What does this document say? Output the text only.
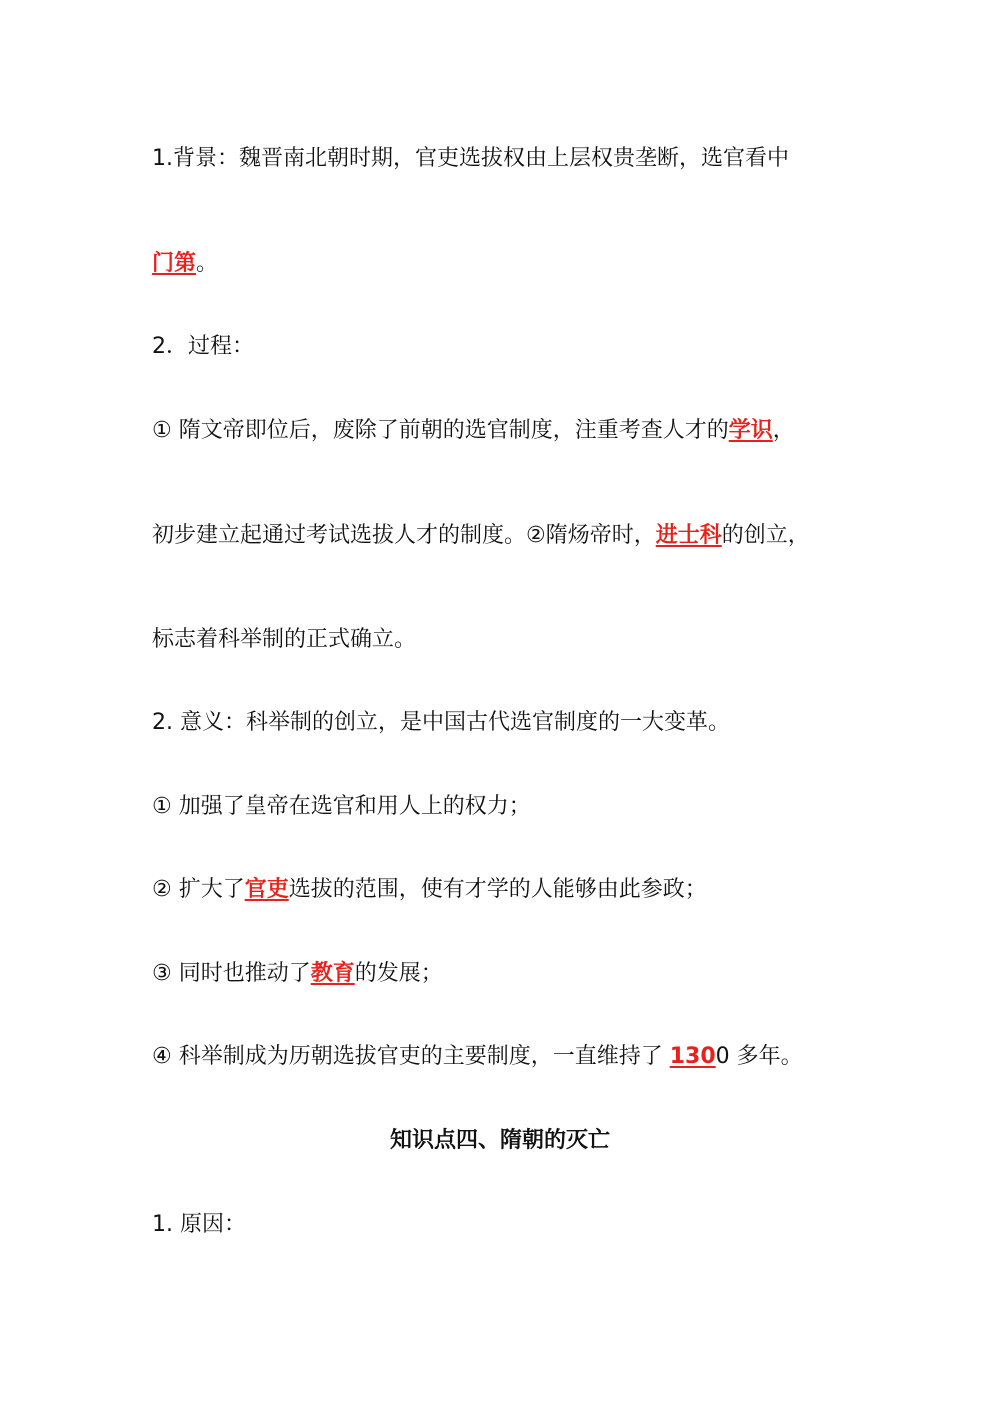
1.背景：魏晋南北朝时期，官吏选拔权由上层权贵垄断，选官看中

门第。

2．过程：

① 隋文帝即位后，废除了前朝的选官制度，注重考查人才的学识，

初步建立起通过考试选拔人才的制度。②隋炀帝时，进士科的创立，

标志着科举制的正式确立。

2. 意义：科举制的创立，是中国古代选官制度的一大变革。

① 加强了皇帝在选官和用人上的权力；

② 扩大了官吏选拔的范围，使有才学的人能够由此参政；

③ 同时也推动了教育的发展；

④ 科举制成为历朝选拔官吏的主要制度，一直维持了 1300 多年。

知识点四、隋朝的灭亡

1. 原因：
